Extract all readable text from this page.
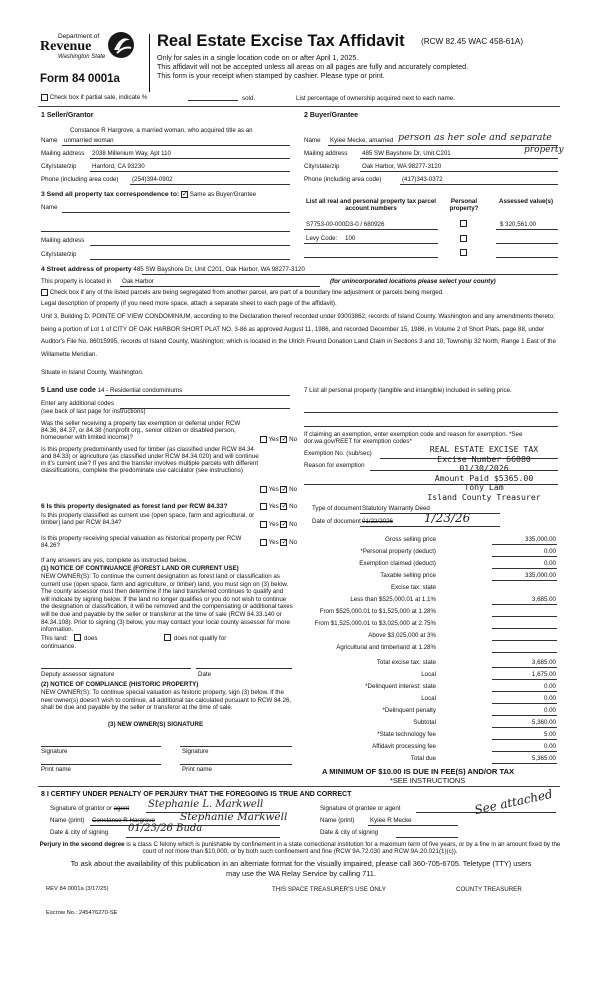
Department of
Revenue
Washington State
Form 84 0001a
Real Estate Excise Tax Affidavit (RCW 82.45 WAC 458-61A)
Only for sales in a single location code on or after April 1, 2025.
This affidavit will not be accepted unless all areas on all pages are fully and accurately completed.
This form is your receipt when stamped by cashier. Please type or print.
Check box if partial sale, indicate %	sold.	List percentage of ownership acquired next to each name.
1 Seller/Grantor
Constance R Hargrove, a married woman, who acquired title as an
Name unmarried woman
Mailing address 2038 Millenium Way, Apt 110
City/state/zip	Hanford, CA 93230
Phone (including area code) (254)394-0902
2 Buyer/Grantee
Name Kylee Mecke, amarried person as her sole and separate
property
Mailing address 485 SW Bayshore Dr, Unit C201
City/state/zip	Oak Harbor, WA 98277-3120
Phone (including area code)	(417)343-0372
3 Send all property tax correspondence to: ✓ Same as Buyer/Grantee
Name
Mailing address
City/state/zip
List all real and personal property tax parcel account numbers
Personal property?
Assessed value(s)
S7753-00-000D3-0 / 680926	$ 320,561.00
Levy Code: 100
4 Street address of property 485 SW Bayshore Dr, Unit C201, Oak Harbor, WA 98277-3120
This property is located in Oak Harbor	(for unincorporated locations please select your county)
Check box if any of the listed parcels are being segregated from another parcel, are part of a boundary line adjustment or parcels being merged.
Legal description of property (if you need more space, attach a separate sheet to each page of the affidavit).
Unit 3, Building D, POINTE OF VIEW CONDOMINIUM, according to the Declaration thereof recorded under 93003862, records of Island County, Washington and any amendments thereto; being a portion of Lot 1 of CITY OF OAK HARBOR SHORT PLAT NO. 3-86 as approved August 11, 1986, and recorded December 15, 1986, in Volume 2 of Short Plats, page 88, under Auditor's File No. 86015995, records of Island County, Washington; which is located in the Ulrich Freund Donation Land Claim in Sections 3 and 10, Township 32 North, Range 1 East of the Willamette Meridian.
Situate in Island County, Washington.
5 Land use code 14 - Residential condominiums
Enter any additional codes
(see back of last page for instructions)
Was the seller receiving a property tax exemption or deferral under RCW 84.36, 84.37, or 84.38 (nonprofit org., senior citizen or disabled person, homeowner with limited income)?	Yes ✓ No
Is this property predominantly used for timber (as classified under RCW 84.34 and 84.33) or agriculture (as classified under RCW 84.34.020) and will continue in it's current use? If yes and the transfer involves multiple parcels with different classifications, complete the predominate use calculator (see instructions)
Yes ✓ No
6 Is this property designated as forest land per RCW 84.33?	Yes ✓ No
Is this property classified as current use (open space, farm and agricultural, or timber) land per RCW 84.34?	Yes ✓ No
Is this property receiving special valuation as historical property per RCW 84.26?	Yes ✓ No
If any answers are yes, complete as instructed below.
(1) NOTICE OF CONTINUANCE (FOREST LAND OR CURRENT USE)
NEW OWNER(S): To continue the current designation as forest land or classification as current use (open space, farm and agriculture, or timber) land, you must sign on (3) below. The county assessor must then determine if the land transferred continues to qualify and will indicate by signing below. If the land no longer qualifies or you do not wish to continue the designation or classification, it will be removed and the compensating or additional taxes will be due and payable by the seller or transferor at the time of sale (RCW 84.33.140 or 84.34.108). Prior to signing (3) below, you may contact your local county assessor for more information.
This land:	does	does not qualify for
continuance.
Deputy assessor signature	Date
(2) NOTICE OF COMPLIANCE (HISTORIC PROPERTY)
NEW OWNER(S): To continue special valuation as historic property, sign (3) below. If the new owner(s) doesn't wish to continue, all additional tax calculated pursuant to RCW 84.26, shall be due and payable by the seller or transferor at the time of sale.
(3) NEW OWNER(S) SIGNATURE
Signature	Signature
Print name	Print name
7 List all personal property (tangible and intangible) included in selling price.
If claiming an exemption, enter exemption code and reason for exemption. *See dor.wa.gov/REET for exemption codes*
Exemption No. (sub/sec)
Reason for exemption
REAL ESTATE EXCISE TAX
Excise Number 66080
01/30/2026
Amount Paid $5365.00
Tony Lam
Island County Treasurer
Type of document Statutory Warranty Deed
Date of document 01/22/2026	1/23/26
Gross selling price	335,000.00
*Personal property (deduct)	0.00
Exemption claimed (deduct)	0.00
Taxable selling price	335,000.00
Excise tax: state
Less than $525,000.01 at 1.1%	3,685.00
From $525,000.01 to $1,525,000 at 1.28%
From $1,525,000.01 to $3,025,000 at 2.75%
Above $3,025,000 at 3%
Agricultural and timberland at 1.28%
Total excise tax: state	3,685.00
Local	1,675.00
*Delinquent interest: state	0.00
Local	0.00
*Delinquent penalty	0.00
Subtotal	5,360.00
*State technology fee	5.00
Affidavit processing fee	0.00
Total due	5,365.00
A MINIMUM OF $10.00 IS DUE IN FEE(S) AND/OR TAX
*SEE INSTRUCTIONS
8 I CERTIFY UNDER PENALTY OF PERJURY THAT THE FOREGOING IS TRUE AND CORRECT
Signature of grantor or agent Stephanie L. Markwell
Name (print) Constance R Hargrove Stephanie Markwell
Date & city of signing 01/23/26 Buda
Signature of grantee or agent	See attached
Name (print)	Kylee R Mecke
Date & city of signing
Perjury in the second degree is a class C felony which is punishable by confinement in a state correctional institution for a maximum term of five years, or by a fine in an amount fixed by the court of not more than $10,000, or by both such confinement and fine (RCW 9A.72.030 and RCW 9A.20.021(1)(c)).
To ask about the availability of this publication in an alternate format for the visually impaired, please call 360-705-6705. Teletype (TTY) users may use the WA Relay Service by calling 711.
REV 84 0001a (3/17/25)	THIS SPACE TREASURER'S USE ONLY	COUNTY TREASURER
Escrow No.: 245476270-SE
